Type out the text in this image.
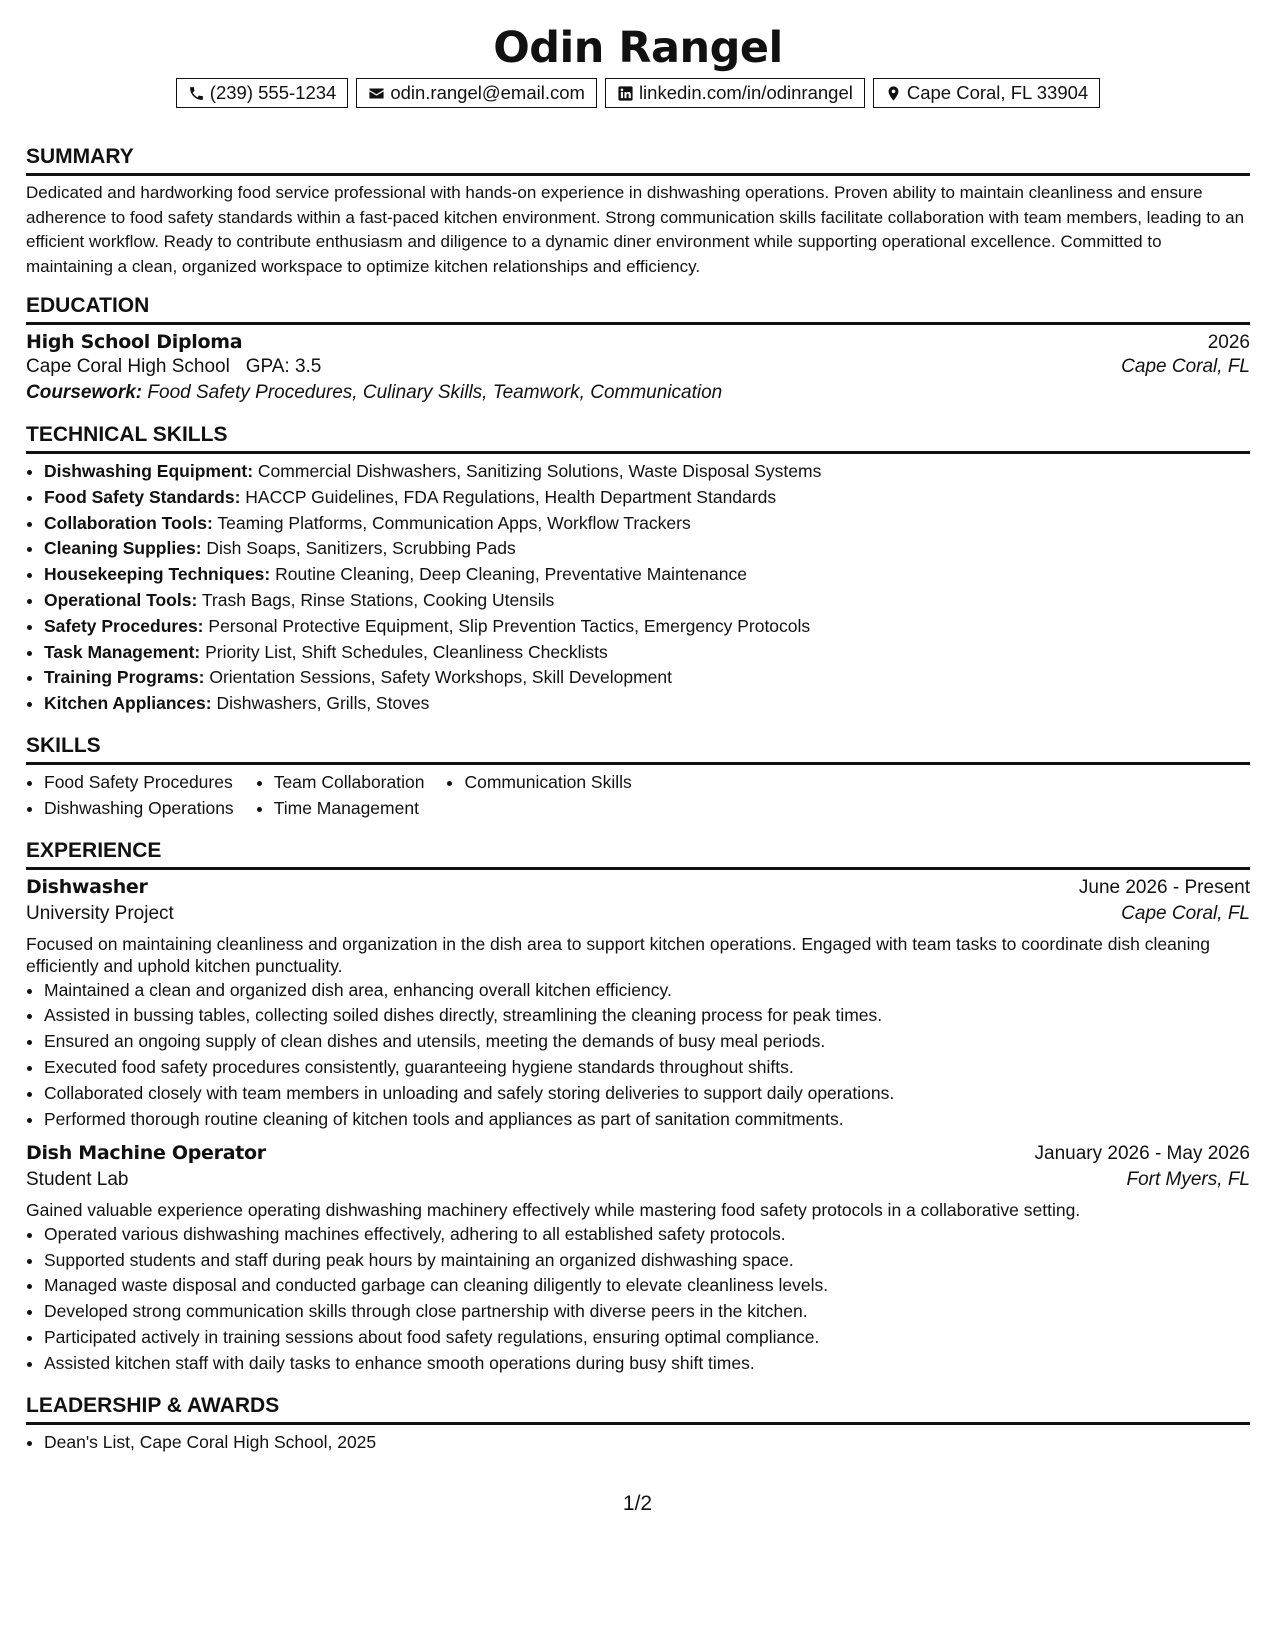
Odin Rangel
(239) 555-1234	odin.rangel@email.com	linkedin.com/in/odinrangel	Cape Coral, FL 33904
SUMMARY

Dedicated and hardworking food service professional with hands-on experience in dishwashing operations. Proven ability to maintain cleanliness and ensure adherence to food safety standards within a fast-paced kitchen environment. Strong communication skills facilitate collaboration with team members, leading to an efficient workflow. Ready to contribute enthusiasm and diligence to a dynamic diner environment while supporting operational excellence. Committed to maintaining a clean, organized workspace to optimize kitchen relationships and efficiency.

EDUCATION
High School Diploma	2026
Cape Coral High School GPA: 3.5	Cape Coral, FL
Coursework: Food Safety Procedures, Culinary Skills, Teamwork, Communication
TECHNICAL SKILLS
• Dishwashing Equipment: Commercial Dishwashers, Sanitizing Solutions, Waste Disposal Systems
• Food Safety Standards: HACCP Guidelines, FDA Regulations, Health Department Standards
• Collaboration Tools: Teaming Platforms, Communication Apps, Workflow Trackers
• Cleaning Supplies: Dish Soaps, Sanitizers, Scrubbing Pads
• Housekeeping Techniques: Routine Cleaning, Deep Cleaning, Preventative Maintenance
• Operational Tools: Trash Bags, Rinse Stations, Cooking Utensils
• Safety Procedures: Personal Protective Equipment, Slip Prevention Tactics, Emergency Protocols
• Task Management: Priority List, Shift Schedules, Cleanliness Checklists
• Training Programs: Orientation Sessions, Safety Workshops, Skill Development
• Kitchen Appliances: Dishwashers, Grills, Stoves
SKILLS
• Food Safety Procedures
• Dishwashing Operations
• Team Collaboration
• Time Management
• Communication Skills
EXPERIENCE
Dishwasher	June 2026 - Present
University Project	Cape Coral, FL

Focused on maintaining cleanliness and organization in the dish area to support kitchen operations. Engaged with team tasks to coordinate dish cleaning efficiently and uphold kitchen punctuality.

• Maintained a clean and organized dish area, enhancing overall kitchen efficiency.
• Assisted in bussing tables, collecting soiled dishes directly, streamlining the cleaning process for peak times.
• Ensured an ongoing supply of clean dishes and utensils, meeting the demands of busy meal periods.
• Executed food safety procedures consistently, guaranteeing hygiene standards throughout shifts.
• Collaborated closely with team members in unloading and safely storing deliveries to support daily operations.
• Performed thorough routine cleaning of kitchen tools and appliances as part of sanitation commitments.
Dish Machine Operator	January 2026 - May 2026
Student Lab	Fort Myers, FL

Gained valuable experience operating dishwashing machinery effectively while mastering food safety protocols in a collaborative setting.

• Operated various dishwashing machines effectively, adhering to all established safety protocols.
• Supported students and staff during peak hours by maintaining an organized dishwashing space.
• Managed waste disposal and conducted garbage can cleaning diligently to elevate cleanliness levels.
• Developed strong communication skills through close partnership with diverse peers in the kitchen.
• Participated actively in training sessions about food safety regulations, ensuring optimal compliance.
• Assisted kitchen staff with daily tasks to enhance smooth operations during busy shift times.
LEADERSHIP & AWARDS
• Dean's List, Cape Coral High School, 2025
1/2
